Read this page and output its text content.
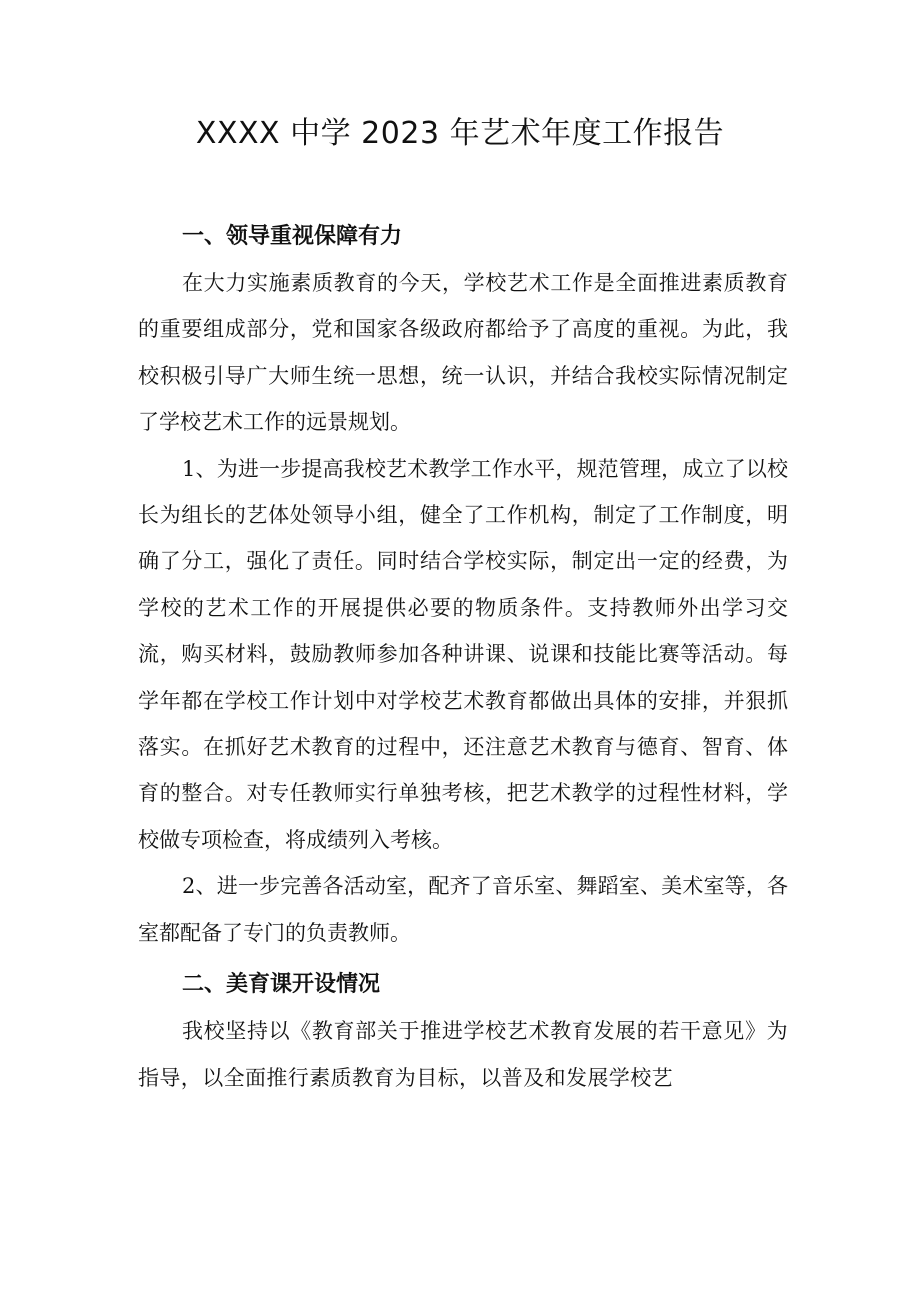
XXXX 中学 2023 年艺术年度工作报告
一、领导重视保障有力

在大力实施素质教育的今天，学校艺术工作是全面推进素质教育的重要组成部分，党和国家各级政府都给予了高度的重视。为此，我校积极引导广大师生统一思想，统一认识，并结合我校实际情况制定了学校艺术工作的远景规划。

1、为进一步提高我校艺术教学工作水平，规范管理，成立了以校长为组长的艺体处领导小组，健全了工作机构，制定了工作制度，明确了分工，强化了责任。同时结合学校实际，制定出一定的经费，为学校的艺术工作的开展提供必要的物质条件。支持教师外出学习交流，购买材料，鼓励教师参加各种讲课、说课和技能比赛等活动。每学年都在学校工作计划中对学校艺术教育都做出具体的安排，并狠抓落实。在抓好艺术教育的过程中，还注意艺术教育与德育、智育、体育的整合。对专任教师实行单独考核，把艺术教学的过程性材料，学校做专项检查，将成绩列入考核。

2、进一步完善各活动室，配齐了音乐室、舞蹈室、美术室等，各室都配备了专门的负责教师。

二、美育课开设情况

我校坚持以《教育部关于推进学校艺术教育发展的若干意见》为指导，以全面推行素质教育为目标，以普及和发展学校艺
